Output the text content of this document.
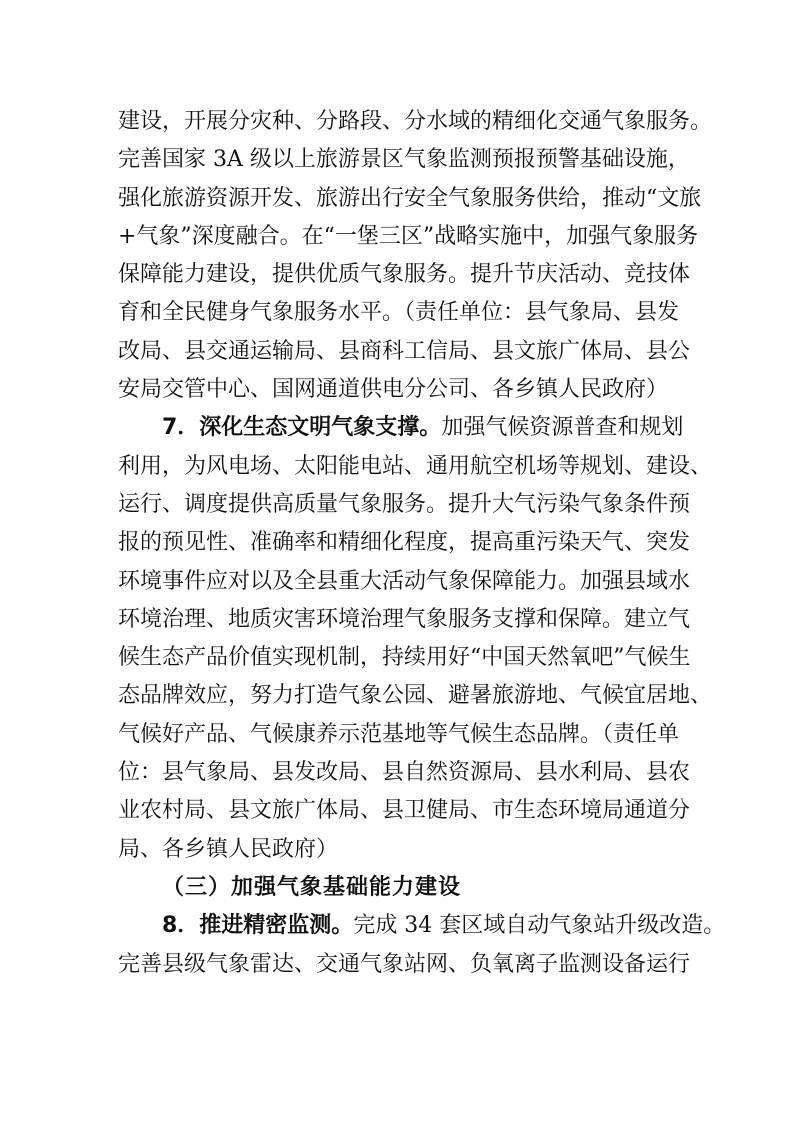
建设，开展分灾种、分路段、分水域的精细化交通气象服务。
完善国家 3A 级以上旅游景区气象监测预报预警基础设施，
强化旅游资源开发、旅游出行安全气象服务供给，推动“文旅
+气象”深度融合。在“一堡三区”战略实施中，加强气象服务
保障能力建设，提供优质气象服务。提升节庆活动、竞技体
育和全民健身气象服务水平。（责任单位：县气象局、县发
改局、县交通运输局、县商科工信局、县文旅广体局、县公
安局交管中心、国网通道供电分公司、各乡镇人民政府）
7．深化生态文明气象支撑。加强气候资源普查和规划
利用，为风电场、太阳能电站、通用航空机场等规划、建设、
运行、调度提供高质量气象服务。提升大气污染气象条件预
报的预见性、准确率和精细化程度，提高重污染天气、突发
环境事件应对以及全县重大活动气象保障能力。加强县域水
环境治理、地质灾害环境治理气象服务支撑和保障。建立气
候生态产品价值实现机制，持续用好“中国天然氧吧”气候生
态品牌效应，努力打造气象公园、避暑旅游地、气候宜居地、
气候好产品、气候康养示范基地等气候生态品牌。（责任单
位：县气象局、县发改局、县自然资源局、县水利局、县农
业农村局、县文旅广体局、县卫健局、市生态环境局通道分
局、各乡镇人民政府）
（三）加强气象基础能力建设
8．推进精密监测。完成 34 套区域自动气象站升级改造。
完善县级气象雷达、交通气象站网、负氧离子监测设备运行
